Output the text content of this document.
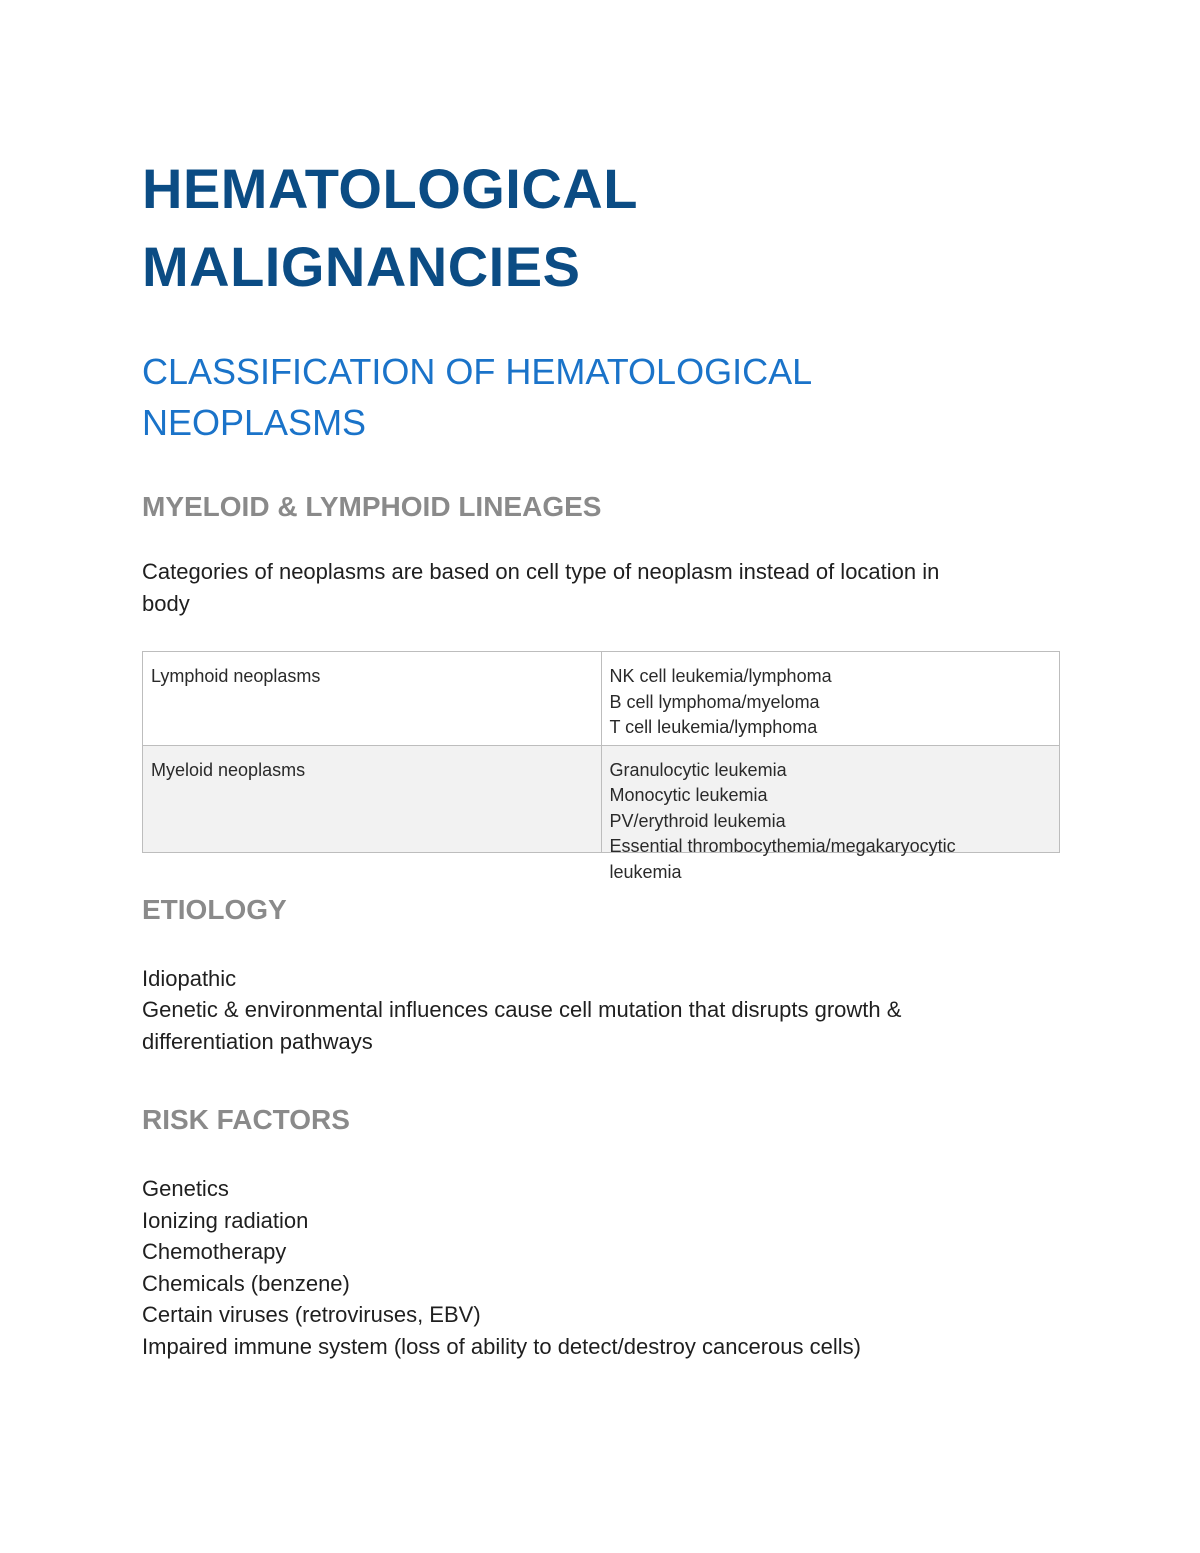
HEMATOLOGICAL
MALIGNANCIES
CLASSIFICATION OF HEMATOLOGICAL
NEOPLASMS
MYELOID & LYMPHOID LINEAGES

Categories of neoplasms are based on cell type of neoplasm instead of location in
body

Lymphoid neoplasms	NK cell leukemia/lymphoma
B cell lymphoma/myeloma
T cell leukemia/lymphoma

Myeloid neoplasms	Granulocytic leukemia
Monocytic leukemia
PV/erythroid leukemia
Essential thrombocythemia/megakaryocytic
leukemia
ETIOLOGY

Idiopathic
Genetic & environmental influences cause cell mutation that disrupts growth &
differentiation pathways

RISK FACTORS

Genetics
Ionizing radiation
Chemotherapy
Chemicals (benzene)
Certain viruses (retroviruses, EBV)
Impaired immune system (loss of ability to detect/destroy cancerous cells)
